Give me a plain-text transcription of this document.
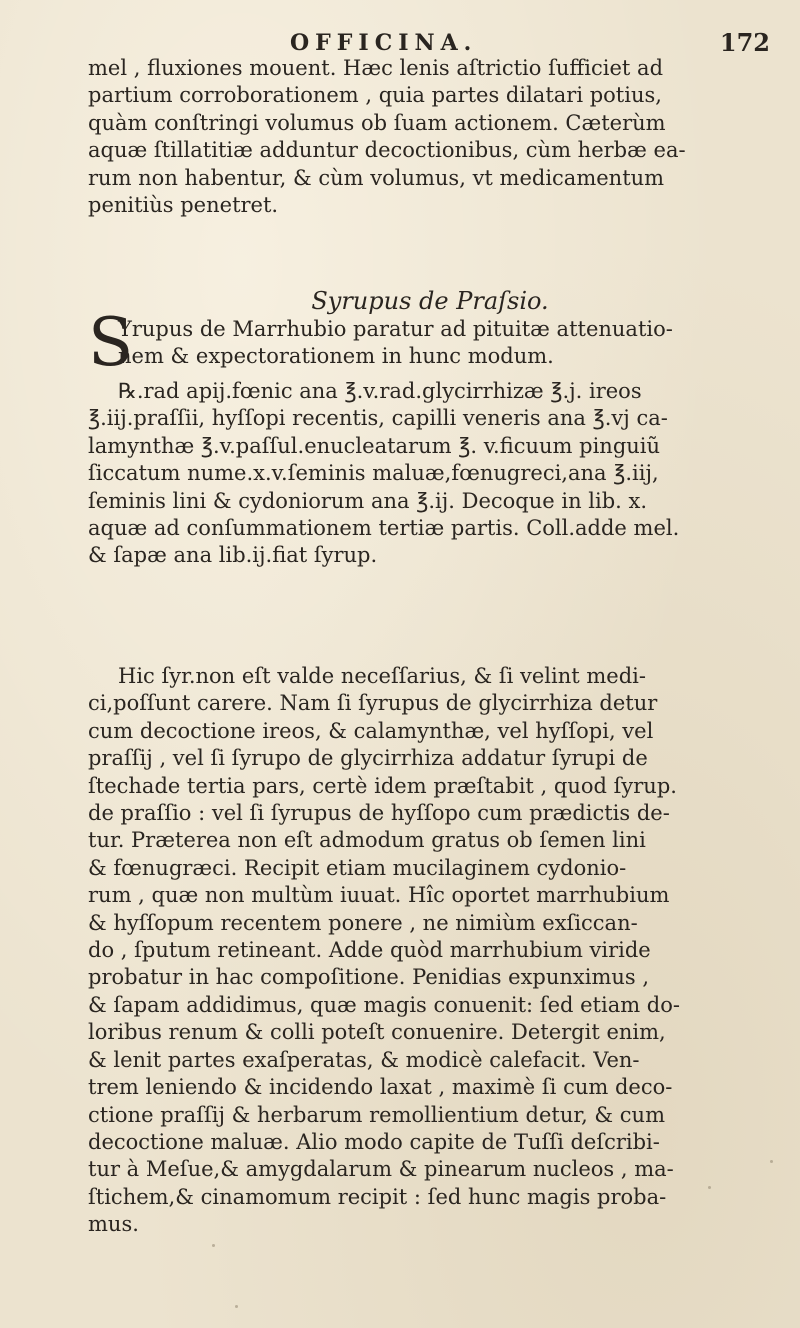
OFFICINA.	172
mel , fluxiones mouent. Hæc lenis aſtrictio ſufficiet ad
partium corroborationem , quia partes dilatari potius,
quàm conſtringi volumus ob ſuam actionem. Cæterùm
aquæ ſtillatitiæ adduntur decoctionibus, cùm herbæ ea-
rum non habentur, & cùm volumus, vt medicamentum
penitiùs penetret.
Syrupus de Praſsio.
S
Yrupus de Marrhubio paratur ad pituitæ attenuatio-
nem & expectorationem in hunc modum.
℞.rad apij.fœnic ana ℥.v.rad.glycirrhizæ ℥.j. ireos
℥.iij.praſſii, hyſſopi recentis, capilli veneris ana ℥.vj ca-
lamynthæ ℥.v.paſſul.enucleatarum ℥. v.ficuum pinguiũ
ſiccatum nume.x.v.ſeminis maluæ,fœnugreci,ana ℥.iij,
ſeminis lini & cydoniorum ana ℥.ij. Decoque in lib. x.
aquæ ad conſummationem tertiæ partis. Coll.adde mel.
& ſapæ ana lib.ij.fiat ſyrup.
Hic ſyr.non eſt valde neceſſarius, & ſi velint medi-
ci,poſſunt carere. Nam ſi ſyrupus de glycirrhiza detur
cum decoctione ireos, & calamynthæ, vel hyſſopi, vel
praſſij , vel ſi ſyrupo de glycirrhiza addatur ſyrupi de
ſtechade tertia pars, certè idem præſtabit , quod ſyrup.
de praſſio : vel ſi ſyrupus de hyſſopo cum prædictis de-
tur. Præterea non eſt admodum gratus ob ſemen lini
& fœnugræci. Recipit etiam mucilaginem cydonio-
rum , quæ non multùm iuuat. Hîc oportet marrhubium
& hyſſopum recentem ponere , ne nimiùm exſiccan-
do , ſputum retineant. Adde quòd marrhubium viride
probatur in hac compoſitione. Penidias expunximus ,
& ſapam addidimus, quæ magis conuenit: ſed etiam do-
loribus renum & colli poteſt conuenire. Detergit enim,
& lenit partes exaſperatas, & modicè calefacit. Ven-
trem leniendo & incidendo laxat , maximè ſi cum deco-
ctione praſſij & herbarum remollientium detur, & cum
decoctione maluæ. Alio modo capite de Tuſſi deſcribi-
tur à Meſue,& amygdalarum & pinearum nucleos , ma-
ſtichem,& cinamomum recipit : ſed hunc magis proba-
mus.
